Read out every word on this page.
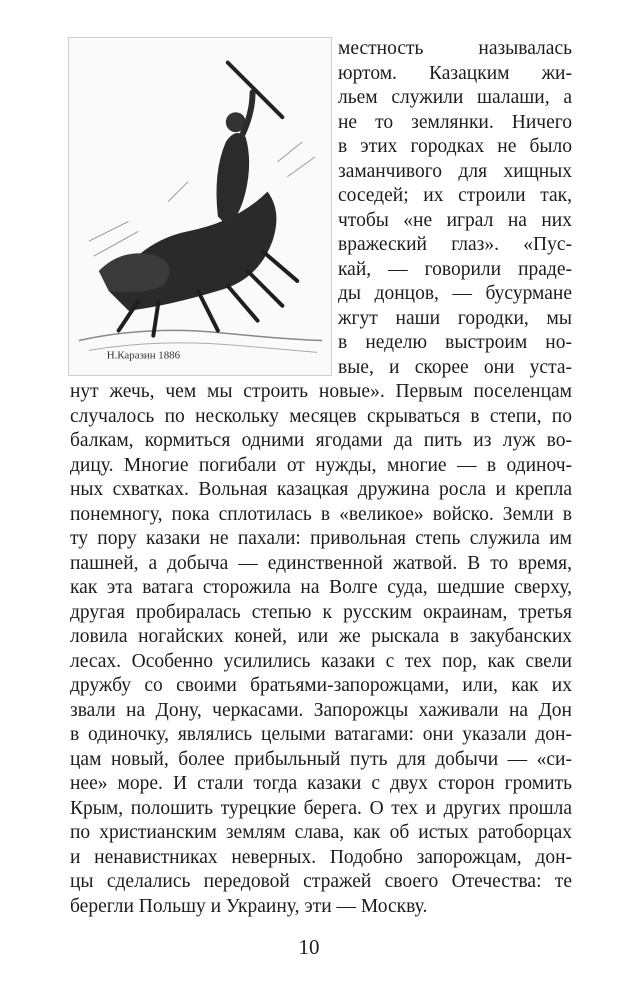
Н.Каразин 1886
местность называлась
юртом. Казацким жи-
льем служили шалаши, а
не то землянки. Ничего
в этих городках не было
заманчивого для хищных
соседей; их строили так,
чтобы «не играл на них
вражеский глаз». «Пус-
кай, — говорили праде-
ды донцов, — бусурмане
жгут наши городки, мы
в неделю выстроим но-
вые, и скорее они уста-
нут жечь, чем мы строить новые». Первым поселенцам
случалось по нескольку месяцев скрываться в степи, по
балкам, кормиться одними ягодами да пить из луж во-
дицу. Многие погибали от нужды, многие — в одиноч-
ных схватках. Вольная казацкая дружина росла и крепла
понемногу, пока сплотилась в «великое» войско. Земли в
ту пору казаки не пахали: привольная степь служила им
пашней, а добыча — единственной жатвой. В то время,
как эта ватага сторожила на Волге суда, шедшие сверху,
другая пробиралась степью к русским окраинам, третья
ловила ногайских коней, или же рыскала в закубанских
лесах. Особенно усилились казаки с тех пор, как свели
дружбу со своими братьями-запорожцами, или, как их
звали на Дону, черкасами. Запорожцы хаживали на Дон
в одиночку, являлись целыми ватагами: они указали дон-
цам новый, более прибыльный путь для добычи — «си-
нее» море. И стали тогда казаки с двух сторон громить
Крым, полошить турецкие берега. О тех и других прошла
по христианским землям слава, как об истых ратоборцах
и ненавистниках неверных. Подобно запорожцам, дон-
цы сделались передовой стражей своего Отечества: те
берегли Польшу и Украину, эти — Москву.
10
